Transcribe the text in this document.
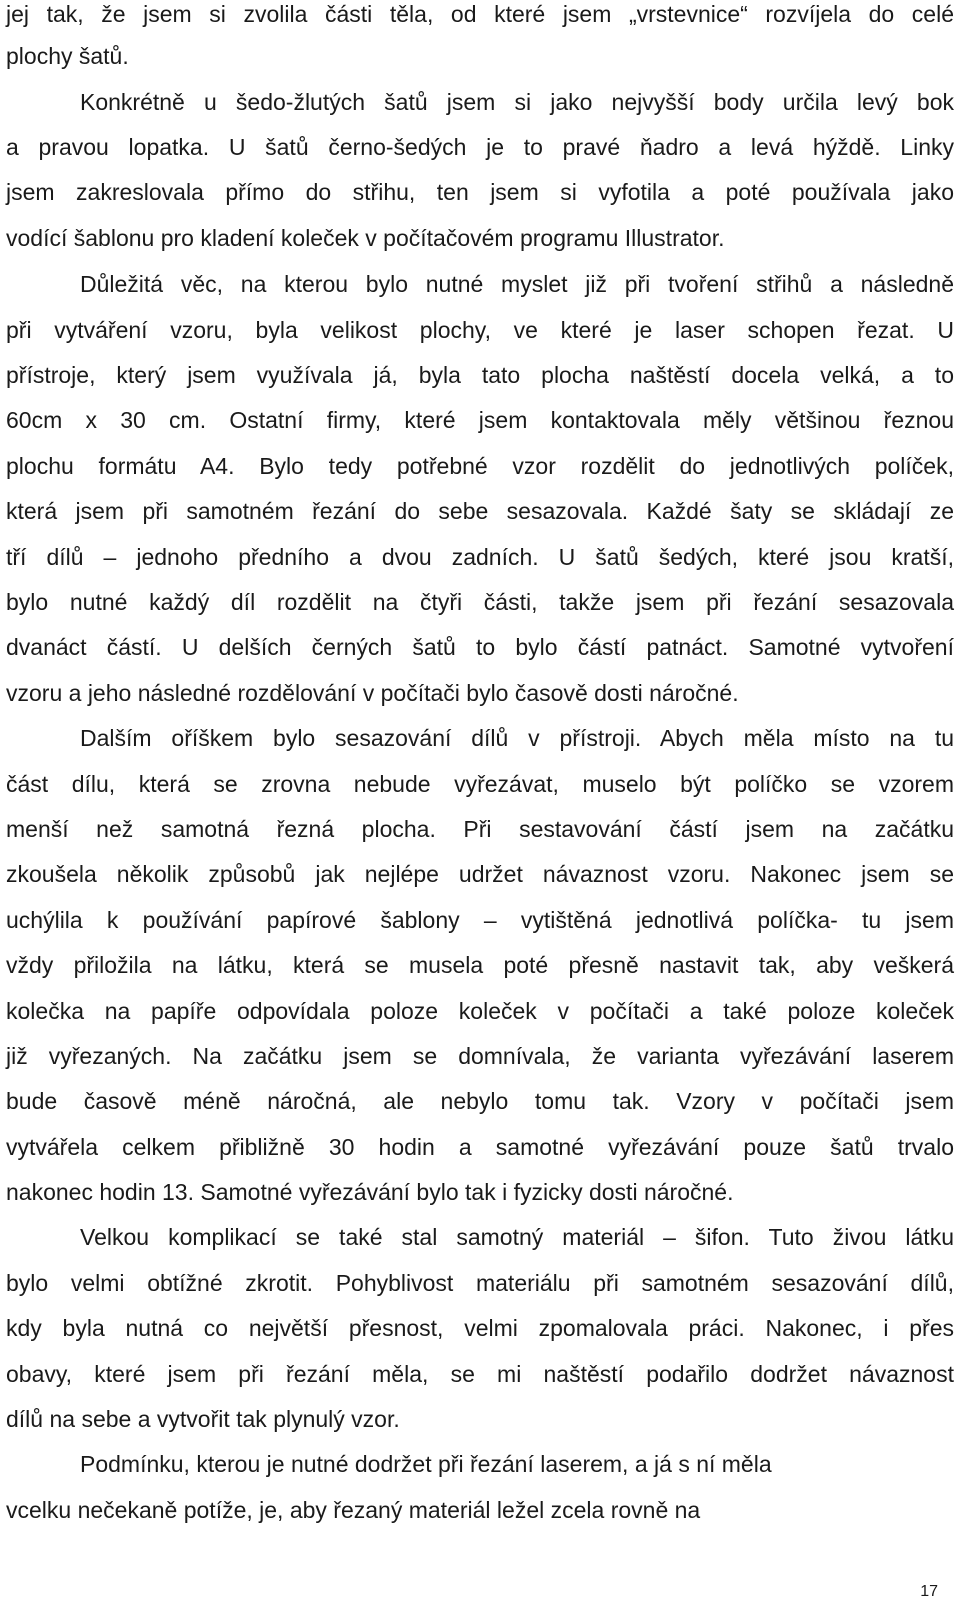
jej tak, že jsem si zvolila části těla, od které jsem „vrstevnice“ rozvíjela do celé
plochy šatů.
Konkrétně u šedo-žlutých šatů jsem si jako nejvyšší body určila levý bok
a pravou lopatka. U šatů černo-šedých je to pravé ňadro a levá hýždě. Linky
jsem zakreslovala přímo do střihu, ten jsem si vyfotila a poté používala jako
vodící šablonu pro kladení koleček v počítačovém programu Illustrator.
Důležitá věc, na kterou bylo nutné myslet již při tvoření střihů a následně
při vytváření vzoru, byla velikost plochy, ve které je laser schopen řezat. U
přístroje, který jsem využívala já, byla tato plocha naštěstí docela velká, a to
60cm x 30 cm. Ostatní firmy, které jsem kontaktovala měly většinou řeznou
plochu formátu A4. Bylo tedy potřebné vzor rozdělit do jednotlivých políček,
která jsem při samotném řezání do sebe sesazovala. Každé šaty se skládají ze
tří dílů – jednoho předního a dvou zadních. U šatů šedých, které jsou kratší,
bylo nutné každý díl rozdělit na čtyři části, takže jsem při řezání sesazovala
dvanáct částí. U delších černých šatů to bylo částí patnáct. Samotné vytvoření
vzoru a jeho následné rozdělování v počítači bylo časově dosti náročné.
Dalším oříškem bylo sesazování dílů v přístroji. Abych měla místo na tu
část dílu, která se zrovna nebude vyřezávat, muselo být políčko se vzorem
menší než samotná řezná plocha. Při sestavování částí jsem na začátku
zkoušela několik způsobů jak nejlépe udržet návaznost vzoru. Nakonec jsem se
uchýlila k používání papírové šablony – vytištěná jednotlivá políčka- tu jsem
vždy přiložila na látku, která se musela poté přesně nastavit tak, aby veškerá
kolečka na papíře odpovídala poloze koleček v počítači a také poloze koleček
již vyřezaných. Na začátku jsem se domnívala, že varianta vyřezávání laserem
bude časově méně náročná, ale nebylo tomu tak. Vzory v počítači jsem
vytvářela celkem přibližně 30 hodin a samotné vyřezávání pouze šatů trvalo
nakonec hodin 13. Samotné vyřezávání bylo tak i fyzicky dosti náročné.
Velkou komplikací se také stal samotný materiál – šifon. Tuto živou látku
bylo velmi obtížné zkrotit. Pohyblivost materiálu při samotném sesazování dílů,
kdy byla nutná co největší přesnost, velmi zpomalovala práci. Nakonec, i přes
obavy, které jsem při řezání měla, se mi naštěstí podařilo dodržet návaznost
dílů na sebe a vytvořit tak plynulý vzor.
Podmínku, kterou je nutné dodržet při řezání laserem, a já s ní měla
vcelku nečekaně potíže, je, aby řezaný materiál ležel zcela rovně na
17
